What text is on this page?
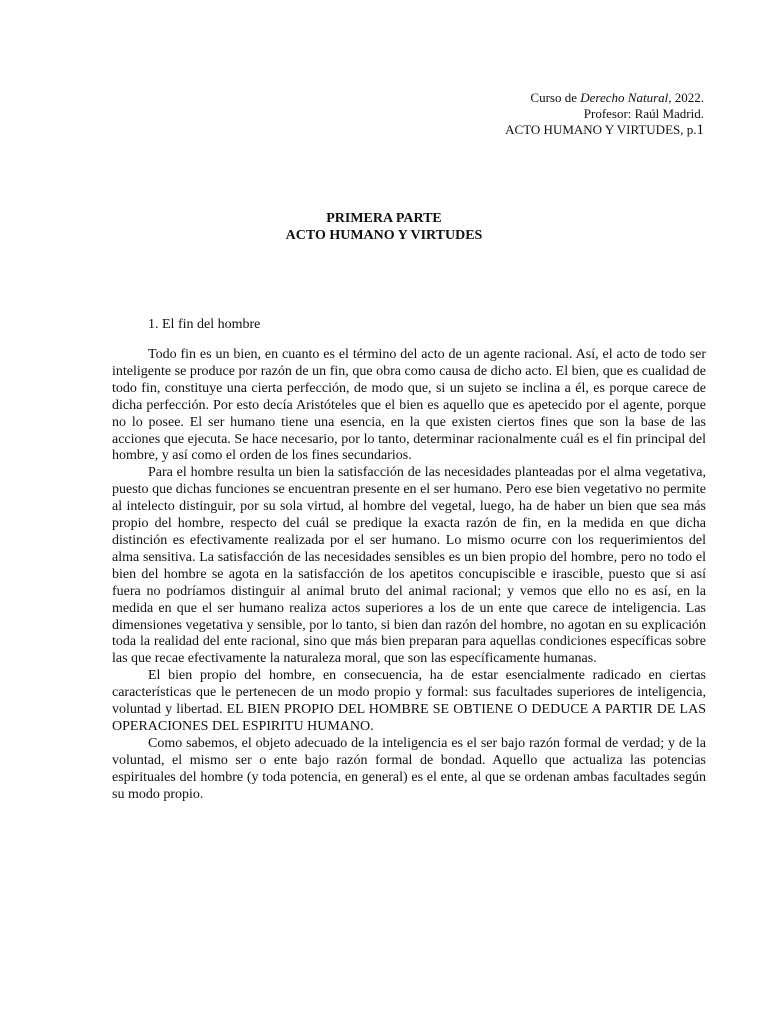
Curso de Derecho Natural, 2022.
Profesor: Raúl Madrid.
ACTO HUMANO Y VIRTUDES, p.1
PRIMERA PARTE
ACTO HUMANO Y VIRTUDES
1. El fin del hombre

Todo fin es un bien, en cuanto es el término del acto de un agente racional. Así, el acto de todo ser inteligente se produce por razón de un fin, que obra como causa de dicho acto. El bien, que es cualidad de todo fin, constituye una cierta perfección, de modo que, si un sujeto se inclina a él, es porque carece de dicha perfección. Por esto decía Aristóteles que el bien es aquello que es apetecido por el agente, porque no lo posee. El ser humano tiene una esencia, en la que existen ciertos fines que son la base de las acciones que ejecuta. Se hace necesario, por lo tanto, determinar racionalmente cuál es el fin principal del hombre, y así como el orden de los fines secundarios.

Para el hombre resulta un bien la satisfacción de las necesidades planteadas por el alma vegetativa, puesto que dichas funciones se encuentran presente en el ser humano. Pero ese bien vegetativo no permite al intelecto distinguir, por su sola virtud, al hombre del vegetal, luego, ha de haber un bien que sea más propio del hombre, respecto del cuál se predique la exacta razón de fin, en la medida en que dicha distinción es efectivamente realizada por el ser humano. Lo mismo ocurre con los requerimientos del alma sensitiva. La satisfacción de las necesidades sensibles es un bien propio del hombre, pero no todo el bien del hombre se agota en la satisfacción de los apetitos concupiscible e irascible, puesto que si así fuera no podríamos distinguir al animal bruto del animal racional; y vemos que ello no es así, en la medida en que el ser humano realiza actos superiores a los de un ente que carece de inteligencia. Las dimensiones vegetativa y sensible, por lo tanto, si bien dan razón del hombre, no agotan en su explicación toda la realidad del ente racional, sino que más bien preparan para aquellas condiciones específicas sobre las que recae efectivamente la naturaleza moral, que son las específicamente humanas.

El bien propio del hombre, en consecuencia, ha de estar esencialmente radicado en ciertas características que le pertenecen de un modo propio y formal: sus facultades superiores de inteligencia, voluntad y libertad. EL BIEN PROPIO DEL HOMBRE SE OBTIENE O DEDUCE A PARTIR DE LAS OPERACIONES DEL ESPIRITU HUMANO.

Como sabemos, el objeto adecuado de la inteligencia es el ser bajo razón formal de verdad; y de la voluntad, el mismo ser o ente bajo razón formal de bondad. Aquello que actualiza las potencias espirituales del hombre (y toda potencia, en general) es el ente, al que se ordenan ambas facultades según su modo propio.
